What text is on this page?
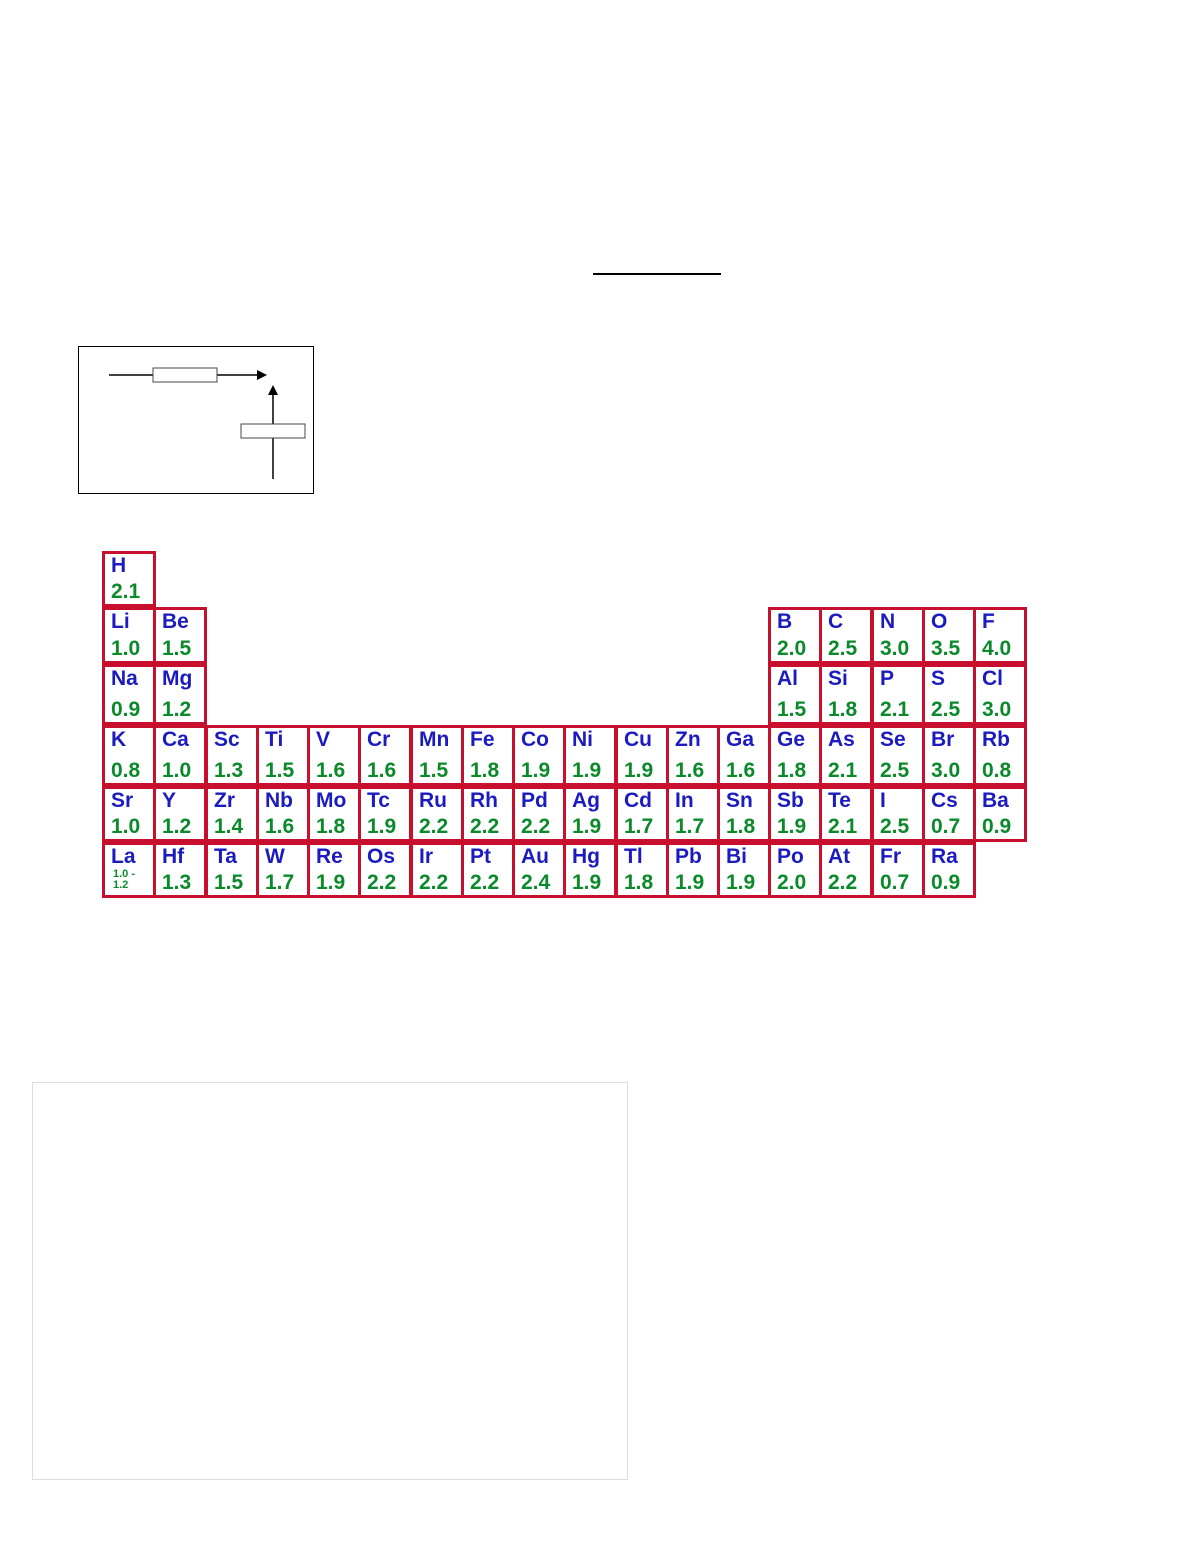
H
2.1
Li
1.0
Be
1.5
B
2.0
C
2.5
N
3.0
O
3.5
F
4.0
Na
0.9
Mg
1.2
Al
1.5
Si
1.8
P
2.1
S
2.5
Cl
3.0
K
0.8
Ca
1.0
Sc
1.3
Ti
1.5
V
1.6
Cr
1.6
Mn
1.5
Fe
1.8
Co
1.9
Ni
1.9
Cu
1.9
Zn
1.6
Ga
1.6
Ge
1.8
As
2.1
Se
2.5
Br
3.0
Rb
0.8
Sr
1.0
Y
1.2
Zr
1.4
Nb
1.6
Mo
1.8
Tc
1.9
Ru
2.2
Rh
2.2
Pd
2.2
Ag
1.9
Cd
1.7
In
1.7
Sn
1.8
Sb
1.9
Te
2.1
I
2.5
Cs
0.7
Ba
0.9
La
1.0 -
1.2
Hf
1.3
Ta
1.5
W
1.7
Re
1.9
Os
2.2
Ir
2.2
Pt
2.2
Au
2.4
Hg
1.9
Tl
1.8
Pb
1.9
Bi
1.9
Po
2.0
At
2.2
Fr
0.7
Ra
0.9
